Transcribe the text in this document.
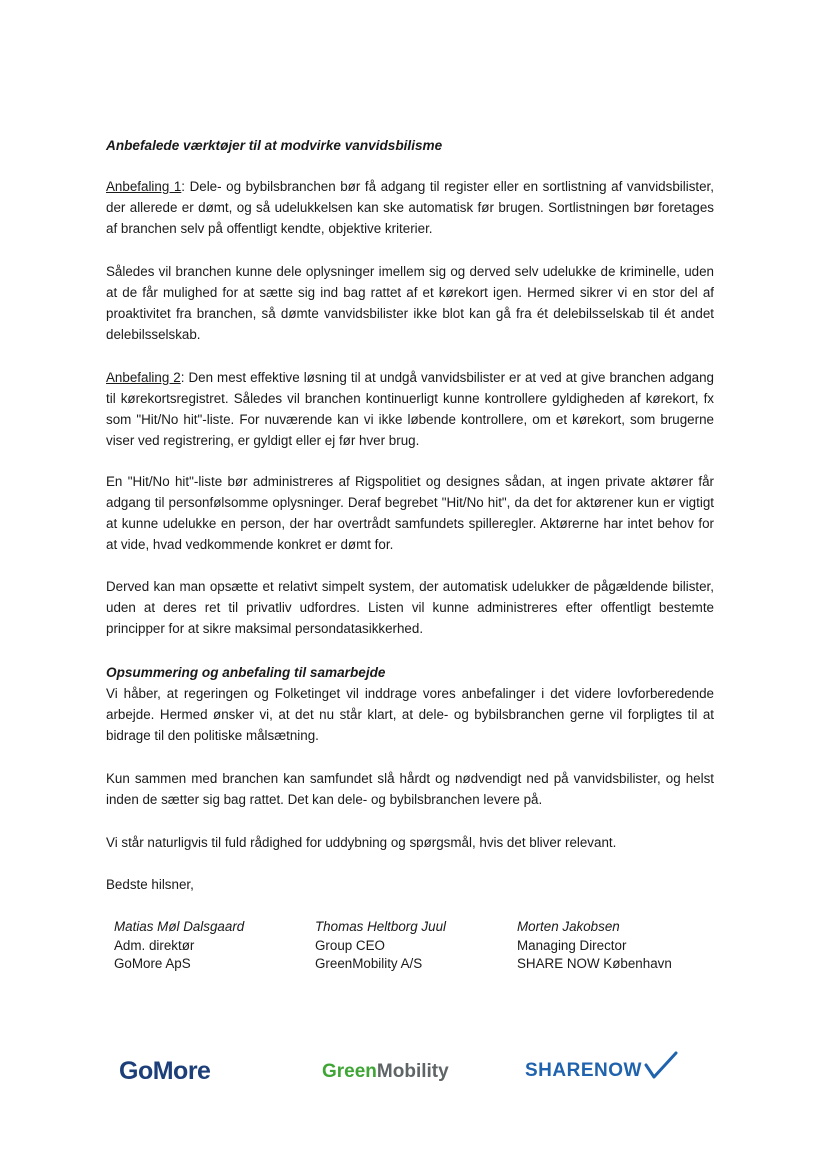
Anbefalede værktøjer til at modvirke vanvidsbilisme

Anbefaling 1: Dele- og bybilsbranchen bør få adgang til register eller en sortlistning af vanvidsbilister, der allerede er dømt, og så udelukkelsen kan ske automatisk før brugen. Sortlistningen bør foretages af branchen selv på offentligt kendte, objektive kriterier.

Således vil branchen kunne dele oplysninger imellem sig og derved selv udelukke de kriminelle, uden at de får mulighed for at sætte sig ind bag rattet af et kørekort igen. Hermed sikrer vi en stor del af proaktivitet fra branchen, så dømte vanvidsbilister ikke blot kan gå fra ét delebilsselskab til ét andet delebilsselskab.

Anbefaling 2: Den mest effektive løsning til at undgå vanvidsbilister er at ved at give branchen adgang til kørekortsregistret. Således vil branchen kontinuerligt kunne kontrollere gyldigheden af kørekort, fx som "Hit/No hit"-liste. For nuværende kan vi ikke løbende kontrollere, om et kørekort, som brugerne viser ved registrering, er gyldigt eller ej før hver brug.

En "Hit/No hit"-liste bør administreres af Rigspolitiet og designes sådan, at ingen private aktører får adgang til personfølsomme oplysninger. Deraf begrebet "Hit/No hit", da det for aktørener kun er vigtigt at kunne udelukke en person, der har overtrådt samfundets spilleregler. Aktørerne har intet behov for at vide, hvad vedkommende konkret er dømt for.

Derved kan man opsætte et relativt simpelt system, der automatisk udelukker de pågældende bilister, uden at deres ret til privatliv udfordres. Listen vil kunne administreres efter offentligt bestemte principper for at sikre maksimal persondatasikkerhed.

Opsummering og anbefaling til samarbejde

Vi håber, at regeringen og Folketinget vil inddrage vores anbefalinger i det videre lovforberedende arbejde. Hermed ønsker vi, at det nu står klart, at dele- og bybilsbranchen gerne vil forpligtes til at bidrage til den politiske målsætning.

Kun sammen med branchen kan samfundet slå hårdt og nødvendigt ned på vanvidsbilister, og helst inden de sætter sig bag rattet. Det kan dele- og bybilsbranchen levere på.

Vi står naturligvis til fuld rådighed for uddybning og spørgsmål, hvis det bliver relevant.

Bedste hilsner,

Matias Møl Dalsgaard
Adm. direktør
GoMore ApS
Thomas Heltborg Juul
Group CEO
GreenMobility A/S
Morten Jakobsen
Managing Director
SHARE NOW København
GoMore	GreenMobility	SHARENOW
